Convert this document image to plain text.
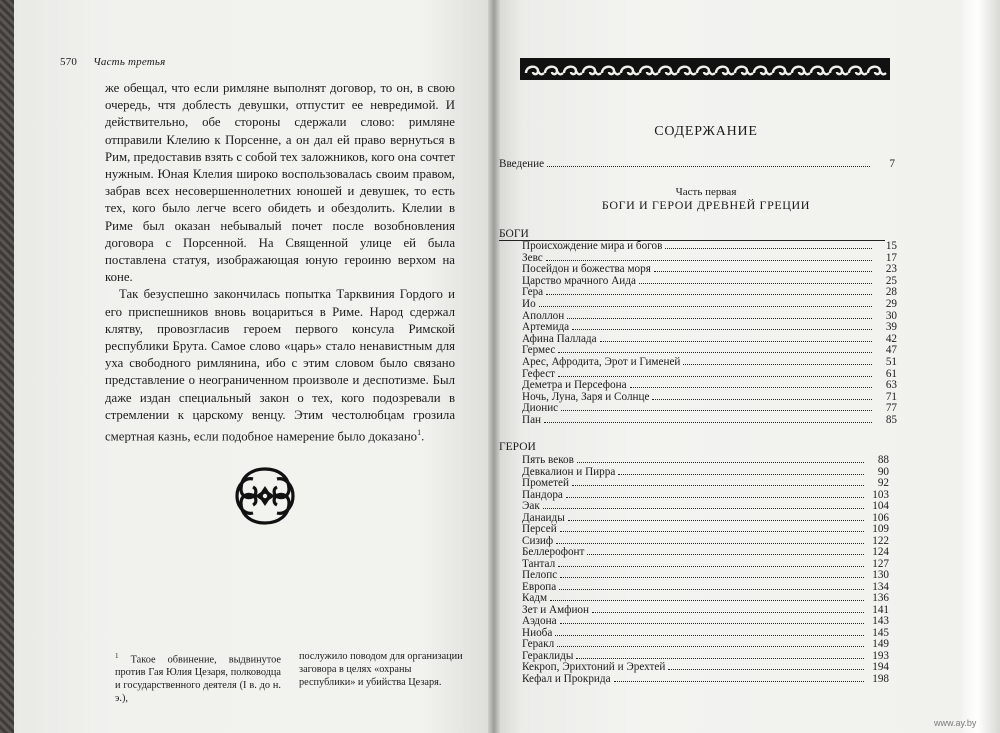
570 Часть третья

же обещал, что если римляне выполнят договор, то он, в свою очередь, чтя доблесть девушки, отпустит ее невредимой. И действительно, обе стороны сдержали слово: римляне отправили Клелию к Порсенне, а он дал ей право вернуться в Рим, предоставив взять с собой тех заложников, кого она сочтет нужным. Юная Клелия широко воспользовалась своим правом, забрав всех несовершеннолетних юношей и девушек, то есть тех, кого было легче всего обидеть и обездолить. Клелии в Риме был оказан небывалый почет после возобновления договора с Порсенной. На Священной улице ей была поставлена статуя, изображающая юную героиню верхом на коне.

Так безуспешно закончилась попытка Тарквиния Гордого и его приспешников вновь воцариться в Риме. Народ сдержал клятву, провозгласив героем первого консула Римской республики Брута. Самое слово «царь» стало ненавистным для уха свободного римлянина, ибо с этим словом было связано представление о неограниченном произволе и деспотизме. Был даже издан специальный закон о тех, кого подозревали в стремлении к царскому венцу. Этим честолюбцам грозила смертная казнь, если подобное намерение было доказано$^1$.

$^1$ Такое обвинение, выдвинутое против Гая Юлия Цезаря, полководца и государственного деятеля (I в. до н. э.),
послужило поводом для организации заговора в целях «охраны республики» и убийства Цезаря.
СОДЕРЖАНИЕ
Введение	7
Часть первая
БОГИ И ГЕРОИ ДРЕВНЕЙ ГРЕЦИИ
БОГИ
Происхождение мира и богов	15
Зевс	17
Посейдон и божества моря	23
Царство мрачного Аида	25
Гера	28
Ио	29
Аполлон	30
Артемида	39
Афина Паллада	42
Гермес	47
Арес, Афродита, Эрот и Гименей	51
Гефест	61
Деметра и Персефона	63
Ночь, Луна, Заря и Солнце	71
Дионис	77
Пан	85
ГЕРОИ
Пять веков	88
Девкалион и Пирра	90
Прометей	92
Пандора	103
Эак	104
Данаиды	106
Персей	109
Сизиф	122
Беллерофонт	124
Тантал	127
Пелопс	130
Европа	134
Кадм	136
Зет и Амфион	141
Аэдона	143
Ниоба	145
Геракл	149
Гераклиды	193
Кекроп, Эрихтоний и Эрехтей	194
Кефал и Прокрида	198
www.ay.by
